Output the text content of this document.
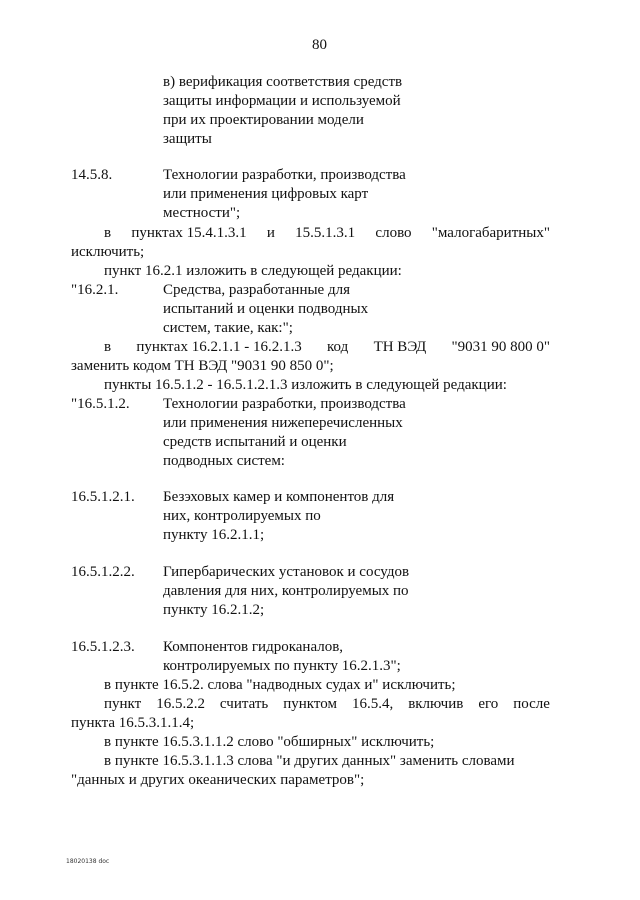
80
в) верификация соответствия средств
защиты информации и используемой
при их проектировании модели
защиты
14.5.8.	Технологии разработки, производства
или применения цифровых карт
местности";
в пунктах 15.4.1.3.1 и 15.5.1.3.1 слово "малогабаритных"
исключить;
пункт 16.2.1 изложить в следующей редакции:
"16.2.1.	Средства, разработанные для
испытаний и оценки подводных
систем, такие, как:";
в пунктах 16.2.1.1 - 16.2.1.3 код ТН ВЭД "9031 90 800 0"
заменить кодом ТН ВЭД "9031 90 850 0";
пункты 16.5.1.2 - 16.5.1.2.1.3 изложить в следующей редакции:
"16.5.1.2. Технологии разработки, производства
или применения нижеперечисленных
средств испытаний и оценки
подводных систем:
16.5.1.2.1. Безэховых камер и компонентов для
них, контролируемых по
пункту 16.2.1.1;
16.5.1.2.2. Гипербарических установок и сосудов
давления для них, контролируемых по
пункту 16.2.1.2;
16.5.1.2.3. Компонентов гидроканалов,
контролируемых по пункту 16.2.1.3";
в пункте 16.5.2. слова "надводных судах и" исключить;
пункт 16.5.2.2 считать пунктом 16.5.4, включив его после
пункта 16.5.3.1.1.4;
в пункте 16.5.3.1.1.2 слово "обширных" исключить;
в пункте 16.5.3.1.1.3 слова "и других данных" заменить словами
"данных и других океанических параметров";
18020138 doc
